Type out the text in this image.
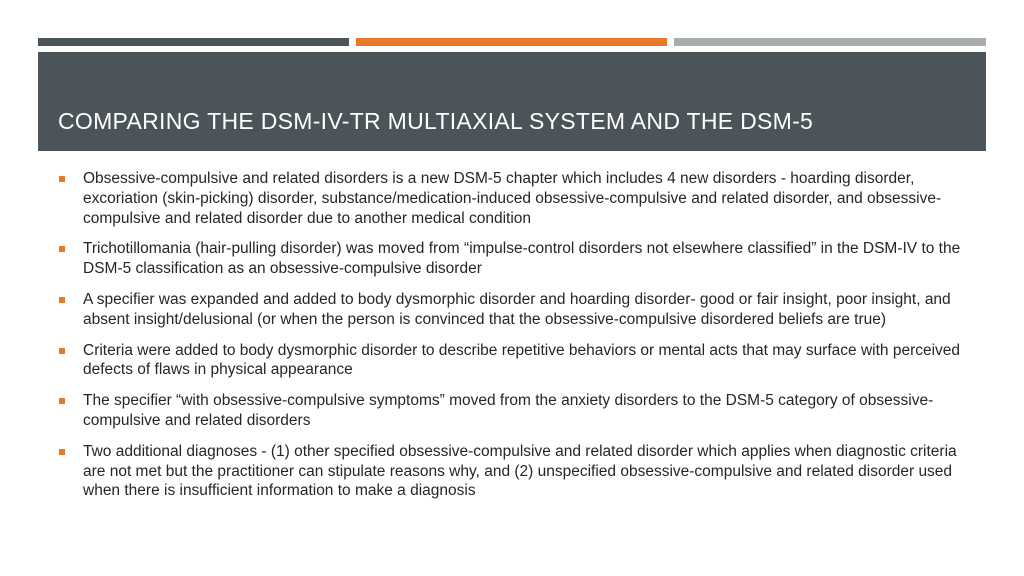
COMPARING THE DSM-IV-TR MULTIAXIAL SYSTEM AND THE DSM-5
Obsessive-compulsive and related disorders is a new DSM-5 chapter which includes 4 new disorders - hoarding disorder, excoriation (skin-picking) disorder, substance/medication-induced obsessive-compulsive and related disorder, and obsessive-compulsive and related disorder due to another medical condition
Trichotillomania (hair-pulling disorder) was moved from “impulse-control disorders not elsewhere classified” in the DSM-IV to the DSM-5 classification as an obsessive-compulsive disorder
A specifier was expanded and added to body dysmorphic disorder and hoarding disorder- good or fair insight, poor insight, and absent insight/delusional (or when the person is convinced that the obsessive-compulsive disordered beliefs are true)
Criteria were added to body dysmorphic disorder to describe repetitive behaviors or mental acts that may surface with perceived defects of flaws in physical appearance
The specifier “with obsessive-compulsive symptoms” moved from the anxiety disorders to the DSM-5 category of obsessive-compulsive and related disorders
Two additional diagnoses - (1) other specified obsessive-compulsive and related disorder which applies when diagnostic criteria are not met but the practitioner can stipulate reasons why, and (2) unspecified obsessive-compulsive and related disorder used when there is insufficient information to make a diagnosis
